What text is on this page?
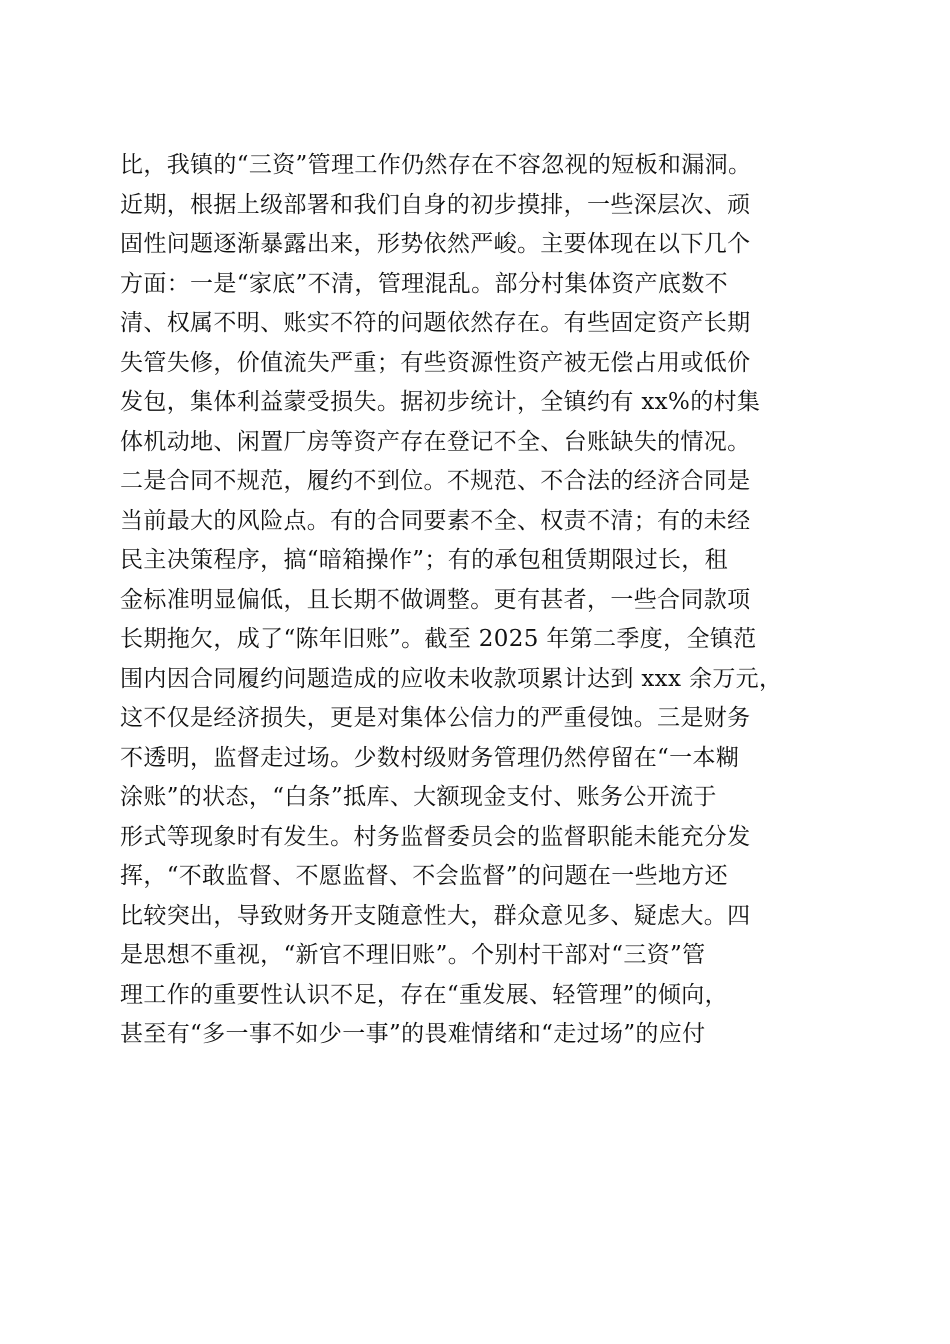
比，我镇的“三资”管理工作仍然存在不容忽视的短板和漏洞。
近期，根据上级部署和我们自身的初步摸排，一些深层次、顽
固性问题逐渐暴露出来，形势依然严峻。主要体现在以下几个
方面：一是“家底”不清，管理混乱。部分村集体资产底数不
清、权属不明、账实不符的问题依然存在。有些固定资产长期
失管失修，价值流失严重；有些资源性资产被无偿占用或低价
发包，集体利益蒙受损失。据初步统计，全镇约有 xx%的村集
体机动地、闲置厂房等资产存在登记不全、台账缺失的情况。
二是合同不规范，履约不到位。不规范、不合法的经济合同是
当前最大的风险点。有的合同要素不全、权责不清；有的未经
民主决策程序，搞“暗箱操作”；有的承包租赁期限过长，租
金标准明显偏低，且长期不做调整。更有甚者，一些合同款项
长期拖欠，成了“陈年旧账”。截至 2025 年第二季度，全镇范
围内因合同履约问题造成的应收未收款项累计达到 xxx 余万元，
这不仅是经济损失，更是对集体公信力的严重侵蚀。三是财务
不透明，监督走过场。少数村级财务管理仍然停留在“一本糊
涂账”的状态，“白条”抵库、大额现金支付、账务公开流于
形式等现象时有发生。村务监督委员会的监督职能未能充分发
挥，“不敢监督、不愿监督、不会监督”的问题在一些地方还
比较突出，导致财务开支随意性大，群众意见多、疑虑大。四
是思想不重视，“新官不理旧账”。个别村干部对“三资”管
理工作的重要性认识不足，存在“重发展、轻管理”的倾向，
甚至有“多一事不如少一事”的畏难情绪和“走过场”的应付
